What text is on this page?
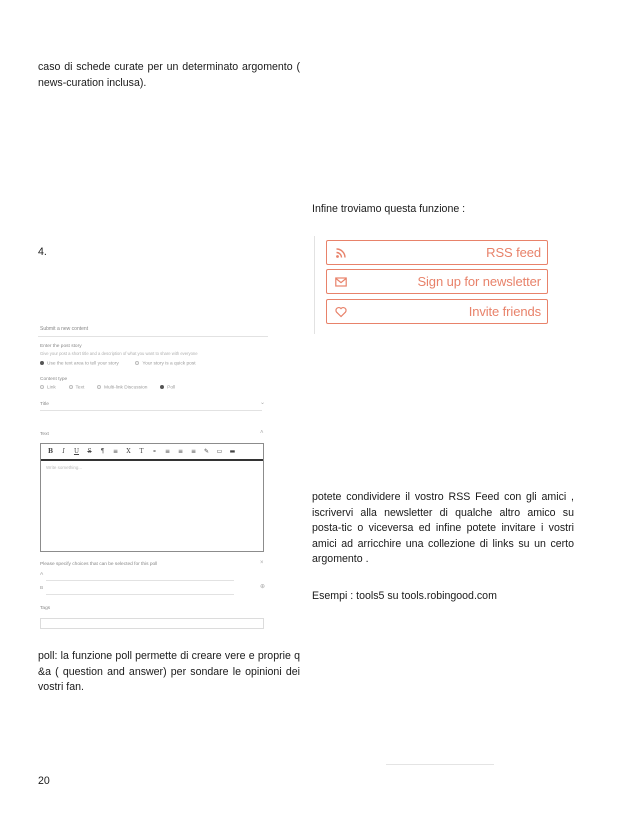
caso di schede curate per un determinato argomento ( news-curation inclusa).
4.
Submit a new content
Enter the post story
Give your post a short title and a description of what you want to share with everyone
Use the text area to tell your story	Your story is a quick post
Content type
Link	Text	Multi-link Discussion	Poll
Title	⌄
Text	˄
B	I	U S ¶ ≡ X T ⚬ ≡ ≡ ≡ ✎ ▭ ▬
Write something...
Please specify choices that can be selected for this poll	×
A
B	⊕
Tags
poll: la funzione poll permette di creare vere e proprie q &a ( question and answer) per sondare le opinioni dei vostri fan.
20
Infine troviamo questa funzione :
RSS feed
Sign up for newsletter
Invite friends
potete condividere il vostro RSS Feed con gli amici , iscrivervi alla newsletter di qualche altro amico su posta-tic o viceversa ed infine potete invitare i vostri amici ad arricchire una collezione di links su un certo argomento .
Esempi : tools5 su tools.robingood.com
